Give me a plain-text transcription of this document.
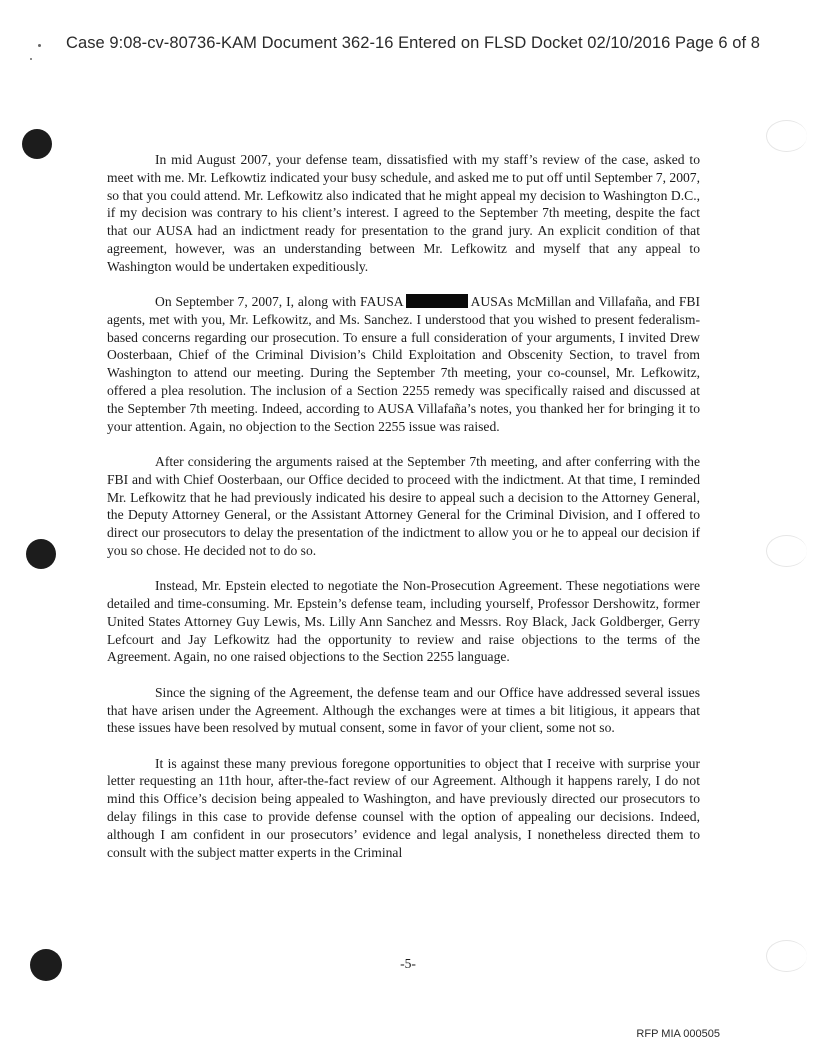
Case 9:08-cv-80736-KAM Document 362-16 Entered on FLSD Docket 02/10/2016 Page 6 of 8

In mid August 2007, your defense team, dissatisfied with my staff’s review of the case, asked to meet with me. Mr. Lefkowtiz indicated your busy schedule, and asked me to put off until September 7, 2007, so that you could attend. Mr. Lefkowitz also indicated that he might appeal my decision to Washington D.C., if my decision was contrary to his client’s interest. I agreed to the September 7th meeting, despite the fact that our AUSA had an indictment ready for presentation to the grand jury. An explicit condition of that agreement, however, was an understanding between Mr. Lefkowitz and myself that any appeal to Washington would be undertaken expeditiously.

On September 7, 2007, I, along with FAUSA	AUSAs McMillan and Villafaña, and FBI agents, met with you, Mr. Lefkowitz, and Ms. Sanchez. I understood that you wished to present federalism-based concerns regarding our prosecution. To ensure a full consideration of your arguments, I invited Drew Oosterbaan, Chief of the Criminal Division’s Child Exploitation and Obscenity Section, to travel from Washington to attend our meeting. During the September 7th meeting, your co-counsel, Mr. Lefkowitz, offered a plea resolution. The inclusion of a Section 2255 remedy was specifically raised and discussed at the September 7th meeting. Indeed, according to AUSA Villafaña’s notes, you thanked her for bringing it to your attention. Again, no objection to the Section 2255 issue was raised.

After considering the arguments raised at the September 7th meeting, and after conferring with the FBI and with Chief Oosterbaan, our Office decided to proceed with the indictment. At that time, I reminded Mr. Lefkowitz that he had previously indicated his desire to appeal such a decision to the Attorney General, the Deputy Attorney General, or the Assistant Attorney General for the Criminal Division, and I offered to direct our prosecutors to delay the presentation of the indictment to allow you or he to appeal our decision if you so chose. He decided not to do so.

Instead, Mr. Epstein elected to negotiate the Non-Prosecution Agreement. These negotiations were detailed and time-consuming. Mr. Epstein’s defense team, including yourself, Professor Dershowitz, former United States Attorney Guy Lewis, Ms. Lilly Ann Sanchez and Messrs. Roy Black, Jack Goldberger, Gerry Lefcourt and Jay Lefkowitz had the opportunity to review and raise objections to the terms of the Agreement. Again, no one raised objections to the Section 2255 language.

Since the signing of the Agreement, the defense team and our Office have addressed several issues that have arisen under the Agreement. Although the exchanges were at times a bit litigious, it appears that these issues have been resolved by mutual consent, some in favor of your client, some not so.

It is against these many previous foregone opportunities to object that I receive with surprise your letter requesting an 11th hour, after-the-fact review of our Agreement. Although it happens rarely, I do not mind this Office’s decision being appealed to Washington, and have previously directed our prosecutors to delay filings in this case to provide defense counsel with the option of appealing our decisions. Indeed, although I am confident in our prosecutors’ evidence and legal analysis, I nonetheless directed them to consult with the subject matter experts in the Criminal

-5-
RFP MIA 000505
